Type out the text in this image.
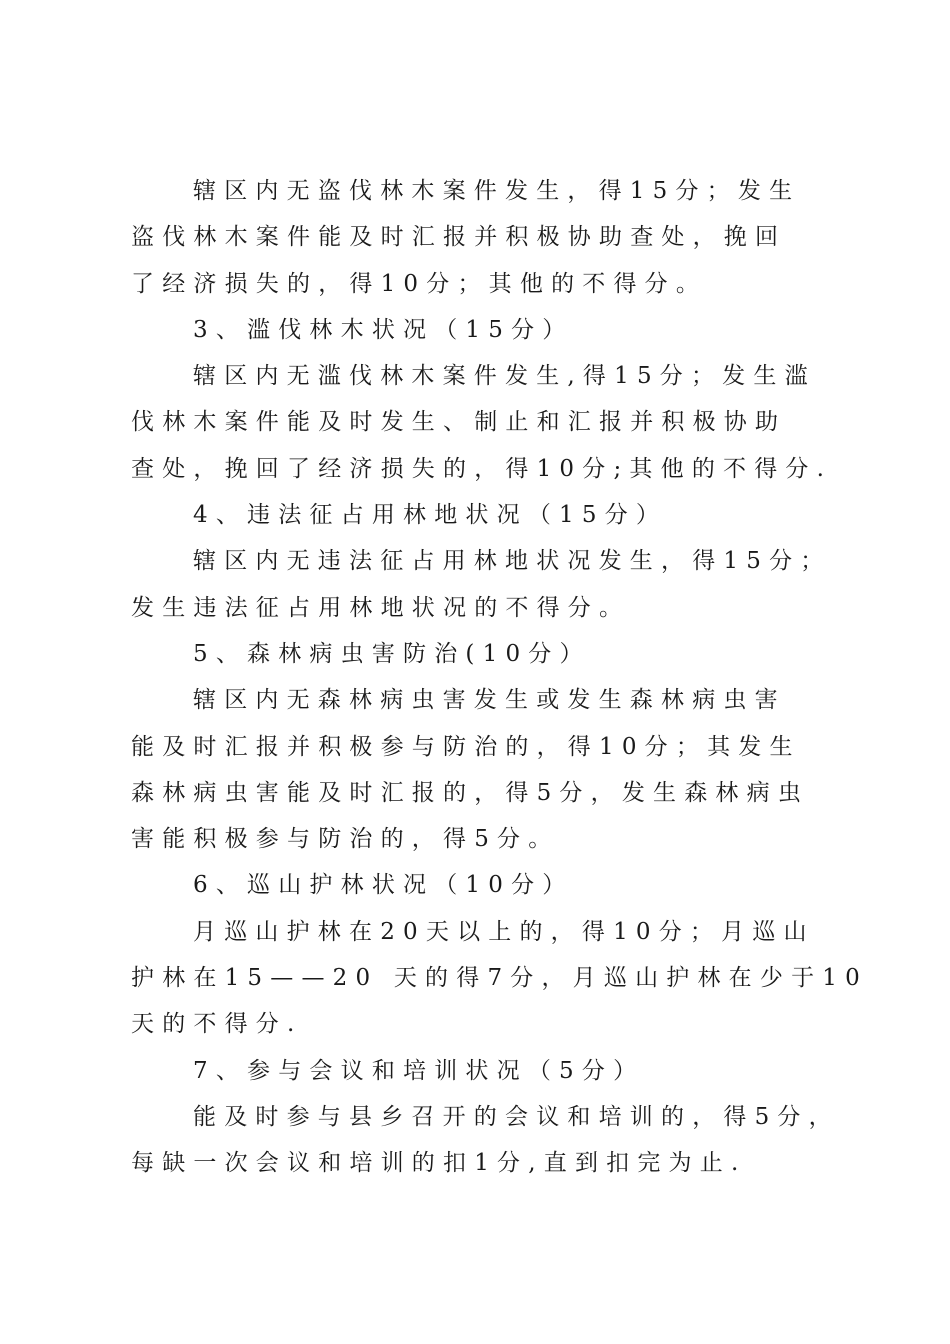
辖区内无盗伐林木案件发生，得15分；发生
盗伐林木案件能及时汇报并积极协助查处，挽回
了经济损失的，得10分；其他的不得分。
3、滥伐林木状况（15分）
辖区内无滥伐林木案件发生,得15分；发生滥
伐林木案件能及时发生、制止和汇报并积极协助
查处，挽回了经济损失的，得10分;其他的不得分.
4、违法征占用林地状况（15分）
辖区内无违法征占用林地状况发生，得15分；
发生违法征占用林地状况的不得分。
5、森林病虫害防治(10分）
辖区内无森林病虫害发生或发生森林病虫害
能及时汇报并积极参与防治的，得10分；其发生
森林病虫害能及时汇报的，得5分，发生森林病虫
害能积极参与防治的，得5分。
6、巡山护林状况（10分）
月巡山护林在20天以上的，得10分；月巡山
护林在15——20 天的得7分，月巡山护林在少于10
天的不得分.
7、参与会议和培训状况（5分）
能及时参与县乡召开的会议和培训的，得5分，
每缺一次会议和培训的扣1分,直到扣完为止.
